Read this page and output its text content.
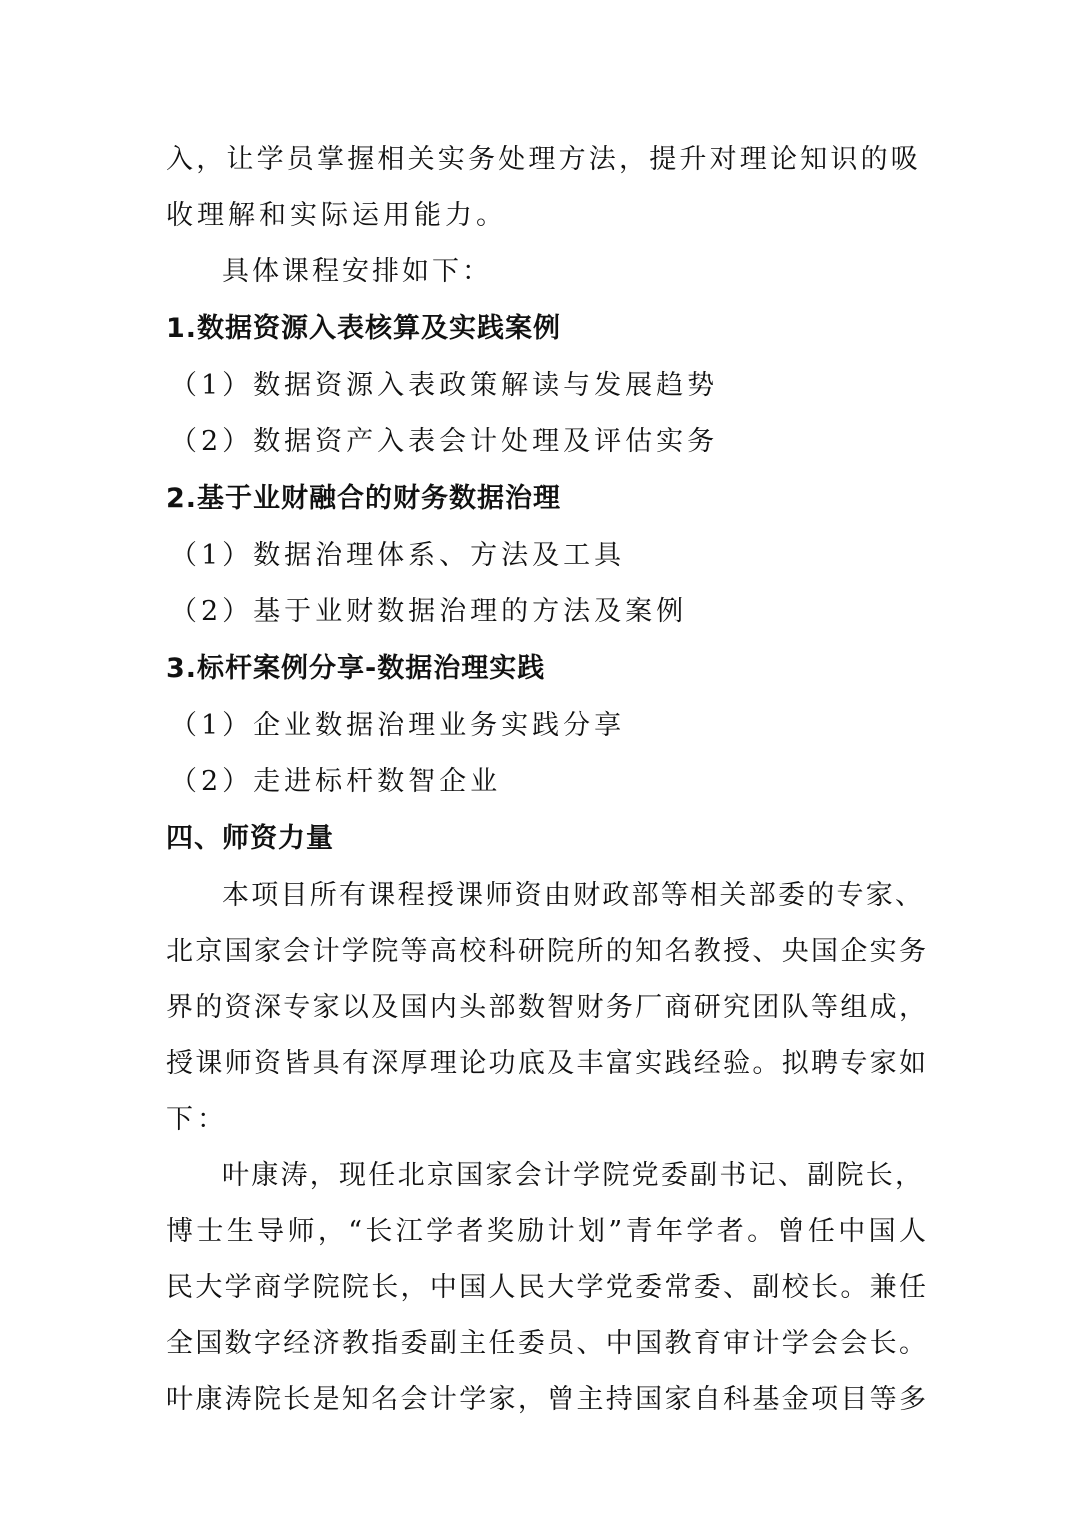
入，让学员掌握相关实务处理方法，提升对理论知识的吸
收理解和实际运用能力。
具体课程安排如下：
1.数据资源入表核算及实践案例
（1）数据资源入表政策解读与发展趋势
（2）数据资产入表会计处理及评估实务
2.基于业财融合的财务数据治理
（1）数据治理体系、方法及工具
（2）基于业财数据治理的方法及案例
3.标杆案例分享-数据治理实践
（1）企业数据治理业务实践分享
（2）走进标杆数智企业
四、师资力量
本项目所有课程授课师资由财政部等相关部委的专家、
北京国家会计学院等高校科研院所的知名教授、央国企实务
界的资深专家以及国内头部数智财务厂商研究团队等组成，
授课师资皆具有深厚理论功底及丰富实践经验。拟聘专家如
下：
叶康涛，现任北京国家会计学院党委副书记、副院长，
博士生导师，“长江学者奖励计划”青年学者。曾任中国人
民大学商学院院长，中国人民大学党委常委、副校长。兼任
全国数字经济教指委副主任委员、中国教育审计学会会长。
叶康涛院长是知名会计学家，曾主持国家自科基金项目等多
